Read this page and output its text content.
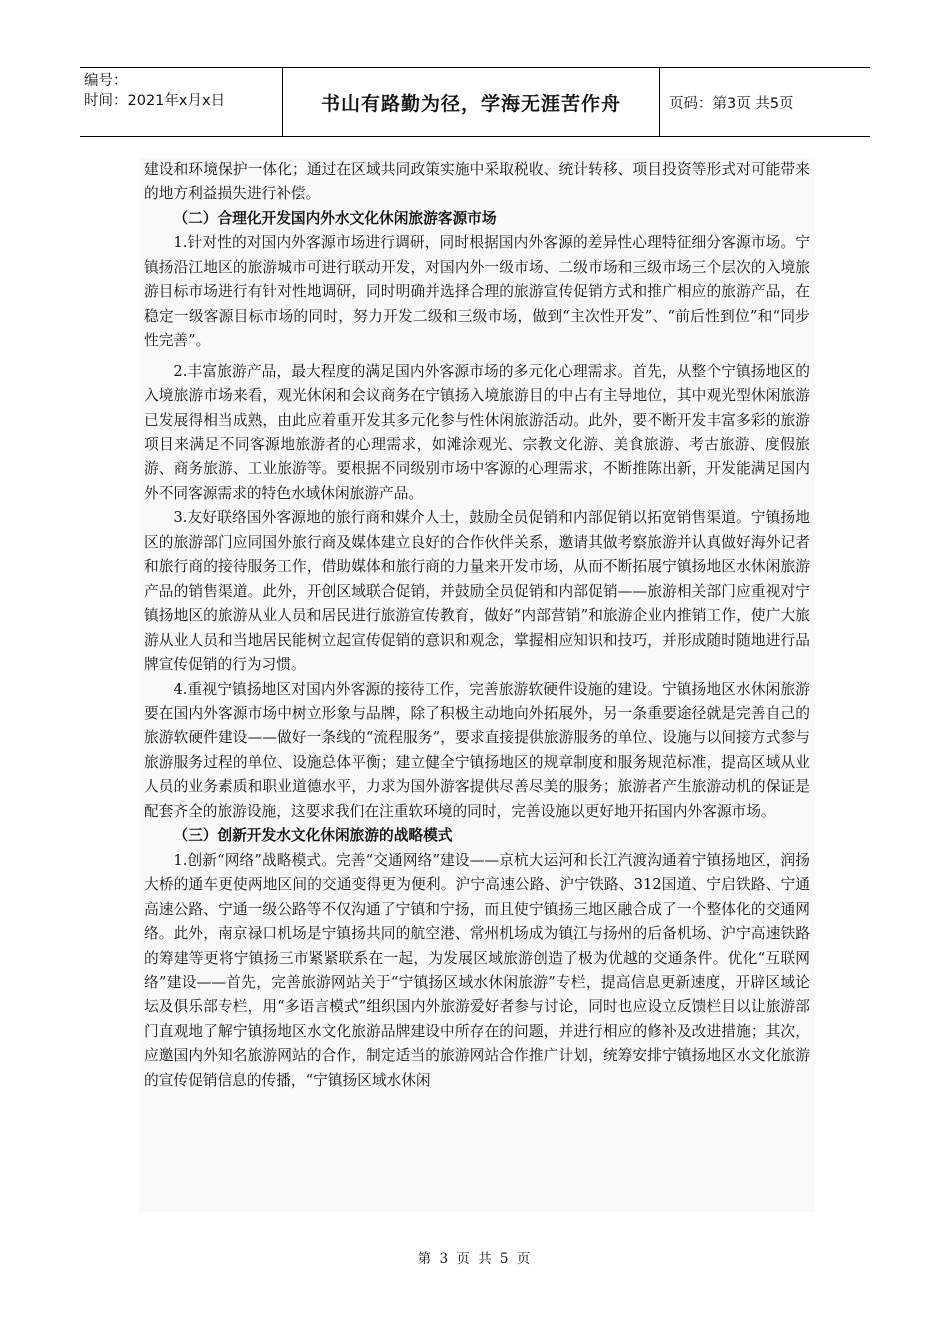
编号：
时间：2021年x月x日	书山有路勤为径，学海无涯苦作舟	页码：第3页 共5页

建设和环境保护一体化；通过在区域共同政策实施中采取税收、统计转移、项目投资等形式对可能带来的地方利益损失进行补偿。

（二）合理化开发国内外水文化休闲旅游客源市场

1.针对性的对国内外客源市场进行调研，同时根据国内外客源的差异性心理特征细分客源市场。宁镇扬沿江地区的旅游城市可进行联动开发，对国内外一级市场、二级市场和三级市场三个层次的入境旅游目标市场进行有针对性地调研，同时明确并选择合理的旅游宣传促销方式和推广相应的旅游产品，在稳定一级客源目标市场的同时，努力开发二级和三级市场，做到“主次性开发”、“前后性到位”和“同步性完善”。

2.丰富旅游产品，最大程度的满足国内外客源市场的多元化心理需求。首先，从整个宁镇扬地区的入境旅游市场来看，观光休闲和会议商务在宁镇扬入境旅游目的中占有主导地位，其中观光型休闲旅游已发展得相当成熟，由此应着重开发其多元化参与性休闲旅游活动。此外，要不断开发丰富多彩的旅游项目来满足不同客源地旅游者的心理需求，如滩涂观光、宗教文化游、美食旅游、考古旅游、度假旅游、商务旅游、工业旅游等。要根据不同级别市场中客源的心理需求，不断推陈出新，开发能满足国内外不同客源需求的特色水域休闲旅游产品。

3.友好联络国外客源地的旅行商和媒介人士，鼓励全员促销和内部促销以拓宽销售渠道。宁镇扬地区的旅游部门应同国外旅行商及媒体建立良好的合作伙伴关系，邀请其做考察旅游并认真做好海外记者和旅行商的接待服务工作，借助媒体和旅行商的力量来开发市场，从而不断拓展宁镇扬地区水休闲旅游产品的销售渠道。此外，开创区域联合促销，并鼓励全员促销和内部促销——旅游相关部门应重视对宁镇扬地区的旅游从业人员和居民进行旅游宣传教育，做好“内部营销”和旅游企业内推销工作，使广大旅游从业人员和当地居民能树立起宣传促销的意识和观念，掌握相应知识和技巧，并形成随时随地进行品牌宣传促销的行为习惯。

4.重视宁镇扬地区对国内外客源的接待工作，完善旅游软硬件设施的建设。宁镇扬地区水休闲旅游要在国内外客源市场中树立形象与品牌，除了积极主动地向外拓展外，另一条重要途径就是完善自己的旅游软硬件建设——做好一条线的“流程服务”，要求直接提供旅游服务的单位、设施与以间接方式参与旅游服务过程的单位、设施总体平衡；建立健全宁镇扬地区的规章制度和服务规范标准，提高区域从业人员的业务素质和职业道德水平，力求为国外游客提供尽善尽美的服务；旅游者产生旅游动机的保证是配套齐全的旅游设施，这要求我们在注重软环境的同时，完善设施以更好地开拓国内外客源市场。

（三）创新开发水文化休闲旅游的战略模式

1.创新“网络”战略模式。完善“交通网络”建设——京杭大运河和长江汽渡沟通着宁镇扬地区，润扬大桥的通车更使两地区间的交通变得更为便利。沪宁高速公路、沪宁铁路、312国道、宁启铁路、宁通高速公路、宁通一级公路等不仅沟通了宁镇和宁扬，而且使宁镇扬三地区融合成了一个整体化的交通网络。此外，南京禄口机场是宁镇扬共同的航空港、常州机场成为镇江与扬州的后备机场、沪宁高速铁路的筹建等更将宁镇扬三市紧紧联系在一起，为发展区域旅游创造了极为优越的交通条件。优化“互联网络”建设——首先，完善旅游网站关于“宁镇扬区域水休闲旅游”专栏，提高信息更新速度，开辟区域论坛及俱乐部专栏，用“多语言模式”组织国内外旅游爱好者参与讨论，同时也应设立反馈栏目以让旅游部门直观地了解宁镇扬地区水文化旅游品牌建设中所存在的问题，并进行相应的修补及改进措施；其次，应邀国内外知名旅游网站的合作，制定适当的旅游网站合作推广计划，统筹安排宁镇扬地区水文化旅游的宣传促销信息的传播，“宁镇扬区域水休闲

第 3 页 共 5 页
